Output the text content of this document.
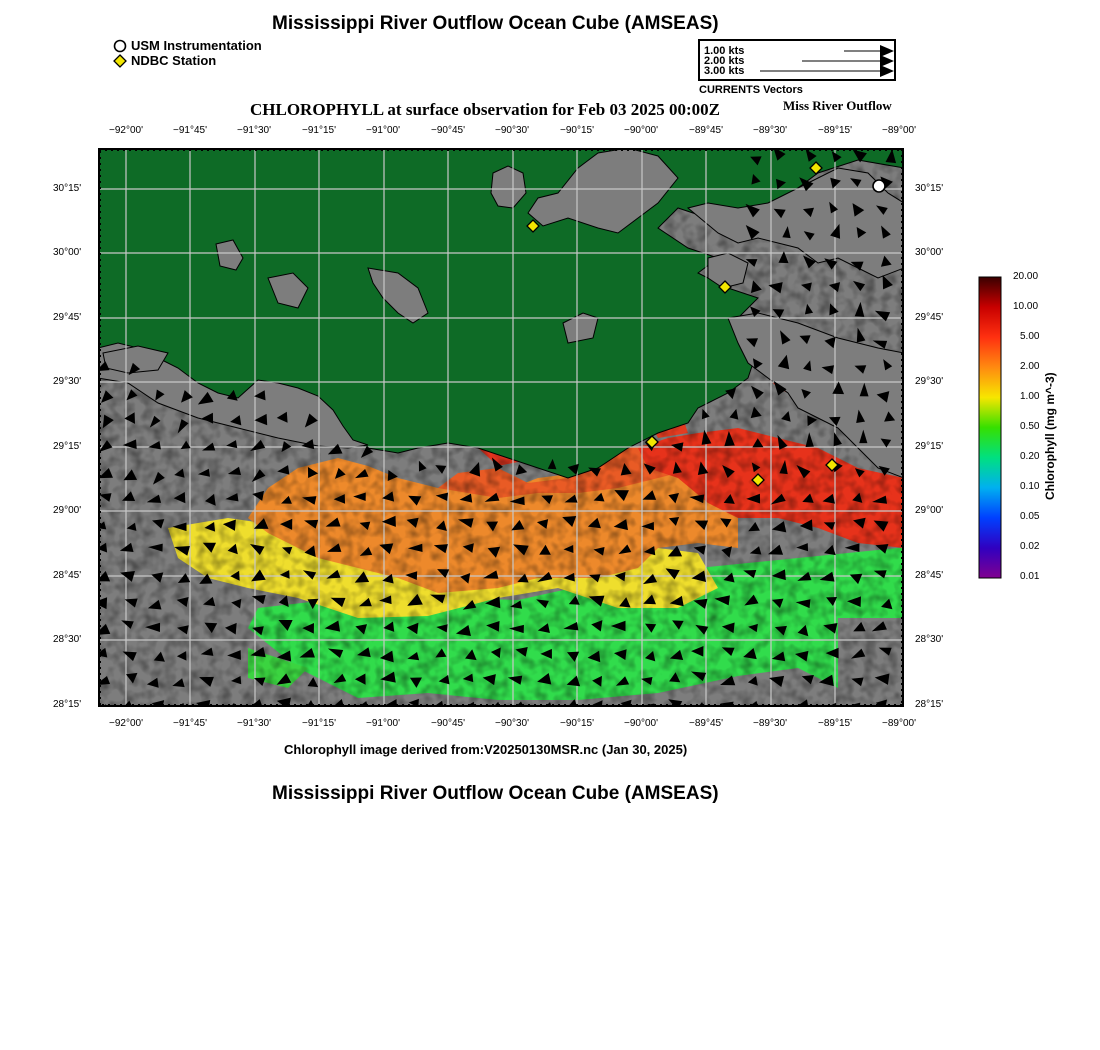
Mississippi River Outflow Ocean Cube (AMSEAS)
USM Instrumentation
NDBC Station
1.00 kts
2.00 kts
3.00 kts
CURRENTS Vectors
CHLOROPHYLL at surface observation for Feb 03 2025 00:00Z	Miss River Outflow
−92°00'	−91°45'	−91°30'	−91°15'	−91°00'	−90°45'	−90°30'	−90°15'	−90°00'	−89°45'	−89°30'	−89°15'	−89°00'
−92°00'	−91°45'	−91°30'	−91°15'	−91°00'	−90°45'	−90°30'	−90°15'	−90°00'	−89°45'	−89°30'	−89°15'	−89°00'
30°15'
30°00'
29°45'
29°30'
29°15'
29°00'
28°45'
28°30'
28°15'
30°15'
30°00'
29°45'
29°30'
29°15'
29°00'
28°45'
28°30'
28°15'
20.00
10.00
5.00
2.00
1.00
0.50
0.20
0.10
0.05
0.02
0.01
Chlorophyll (mg m^-3)
Chlorophyll image derived from:V20250130MSR.nc (Jan 30, 2025)
Mississippi River Outflow Ocean Cube (AMSEAS)
